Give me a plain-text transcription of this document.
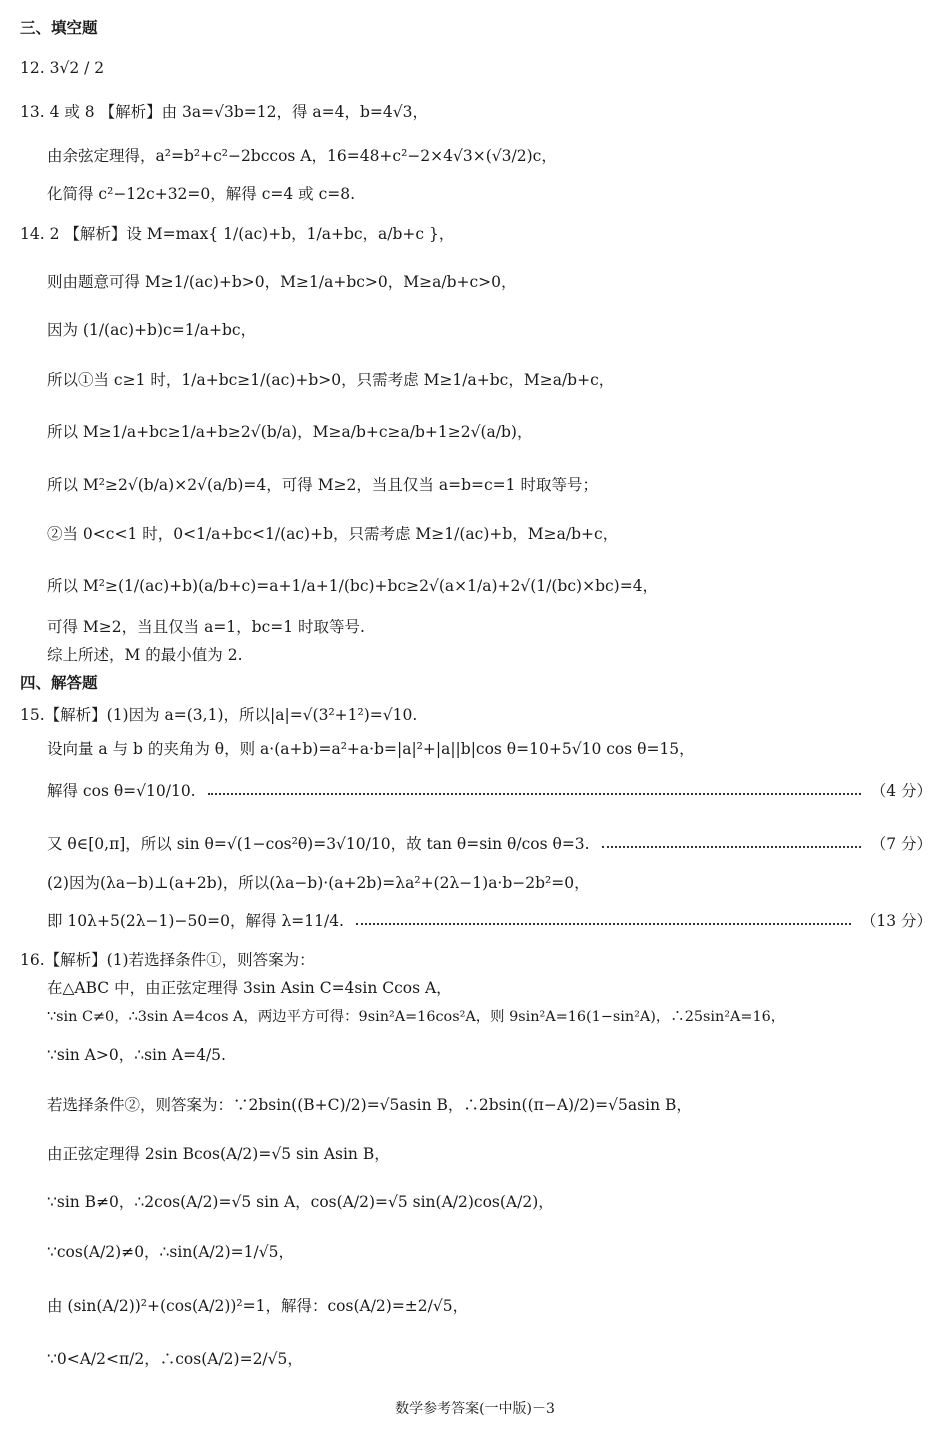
三、填空题
12. 3√2 / 2
13. 4 或 8 【解析】由 3a=√3b=12，得 a=4，b=4√3，
由余弦定理得，a²=b²+c²−2bccos A，16=48+c²−2×4√3×(√3/2)c，
化简得 c²−12c+32=0，解得 c=4 或 c=8.
14. 2 【解析】设 M=max{ 1/(ac)+b，1/a+bc，a/b+c }，
则由题意可得 M≥1/(ac)+b>0，M≥1/a+bc>0，M≥a/b+c>0，
因为 (1/(ac)+b)c=1/a+bc，
所以①当 c≥1 时，1/a+bc≥1/(ac)+b>0，只需考虑 M≥1/a+bc，M≥a/b+c，
所以 M≥1/a+bc≥1/a+b≥2√(b/a)，M≥a/b+c≥a/b+1≥2√(a/b)，
所以 M²≥2√(b/a)×2√(a/b)=4，可得 M≥2，当且仅当 a=b=c=1 时取等号；
②当 0<c<1 时，0<1/a+bc<1/(ac)+b，只需考虑 M≥1/(ac)+b，M≥a/b+c，
所以 M²≥(1/(ac)+b)(a/b+c)=a+1/a+1/(bc)+bc≥2√(a×1/a)+2√(1/(bc)×bc)=4，
可得 M≥2，当且仅当 a=1，bc=1 时取等号.
综上所述，M 的最小值为 2.
四、解答题
15.【解析】(1)因为 a=(3,1)，所以|a|=√(3²+1²)=√10.
设向量 a 与 b 的夹角为 θ，则 a·(a+b)=a²+a·b=|a|²+|a||b|cos θ=10+5√10 cos θ=15，
解得 cos θ=√10/10.	（4 分）
又 θ∈[0,π]，所以 sin θ=√(1−cos²θ)=3√10/10，故 tan θ=sin θ/cos θ=3.	（7 分）
(2)因为(λa−b)⊥(a+2b)，所以(λa−b)·(a+2b)=λa²+(2λ−1)a·b−2b²=0，
即 10λ+5(2λ−1)−50=0，解得 λ=11/4.	（13 分）
16.【解析】(1)若选择条件①，则答案为：
在△ABC 中，由正弦定理得 3sin Asin C=4sin Ccos A，
∵sin C≠0，∴3sin A=4cos A，两边平方可得：9sin²A=16cos²A，则 9sin²A=16(1−sin²A)，∴25sin²A=16，
∵sin A>0，∴sin A=4/5.
若选择条件②，则答案为：∵2bsin((B+C)/2)=√5asin B，∴2bsin((π−A)/2)=√5asin B，
由正弦定理得 2sin Bcos(A/2)=√5 sin Asin B，
∵sin B≠0，∴2cos(A/2)=√5 sin A，cos(A/2)=√5 sin(A/2)cos(A/2)，
∵cos(A/2)≠0，∴sin(A/2)=1/√5，
由 (sin(A/2))²+(cos(A/2))²=1，解得：cos(A/2)=±2/√5，
∵0<A/2<π/2，∴cos(A/2)=2/√5，
数学参考答案(一中版)－3
